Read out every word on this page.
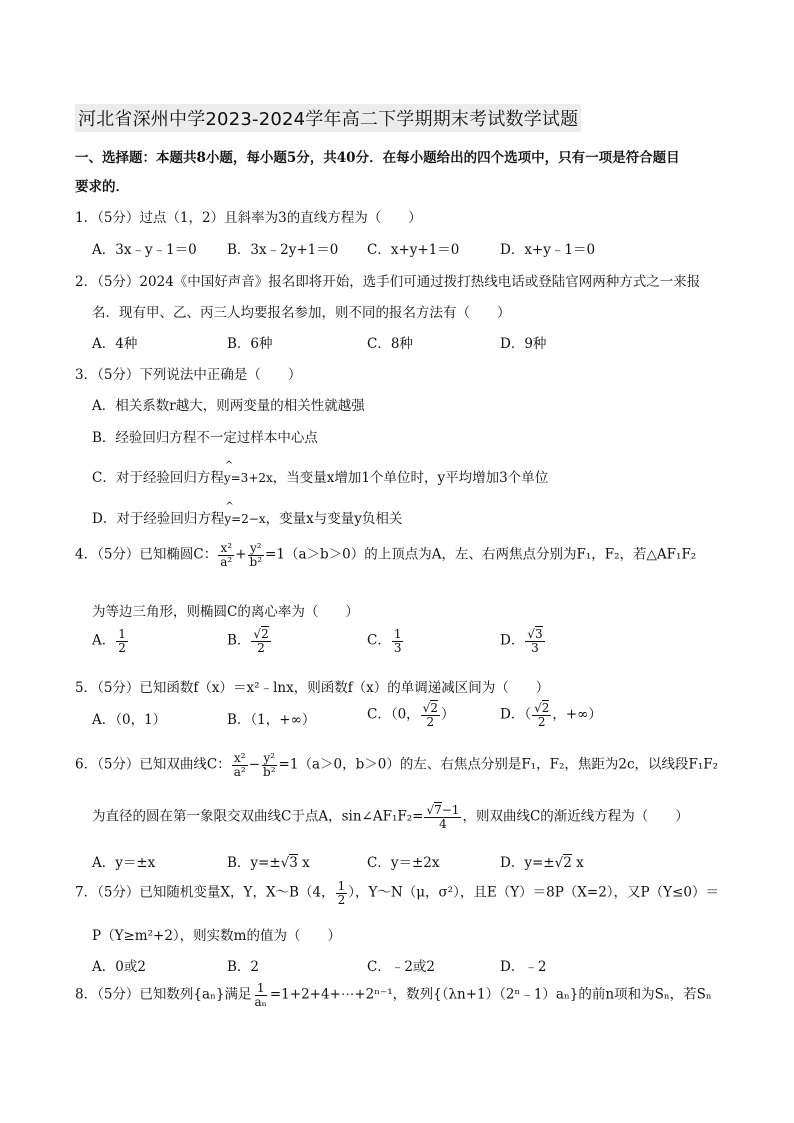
河北省深州中学2023-2024学年高二下学期期末考试数学试题
一、选择题：本题共8小题，每小题5分，共40分．在每小题给出的四个选项中，只有一项是符合题目
要求的．
1．（5分）过点（1，2）且斜率为3的直线方程为（　　）
A．3x﹣y﹣1＝0 B．3x﹣2y+1＝0 C．x+y+1＝0	D．x+y﹣1＝0
2．（5分）2024《中国好声音》报名即将开始，选手们可通过拨打热线电话或登陆官网两种方式之一来报
名．现有甲、乙、丙三人均要报名参加，则不同的报名方法有（　　）
A．4种	B．6种	C．8种	D．9种
3．（5分）下列说法中正确是（　　）
A．相关系数r越大，则两变量的相关性就越强
B．经验回归方程不一定过样本中心点
C．对于经验回归方程^ y=3+2x，当变量x增加1个单位时，y平均增加3个单位
D．对于经验回归方程^ y=2−x，变量x与变量y负相关
4．（5分）已知椭圆C： $\frac{\text{x²}}{\text{a²}} + \frac{\text{y²}}{\text{b²}} =1(a>b>0)$的上顶点为A，左、右两焦点分别为F₁，F₂，若△AF₁F₂
为等边三角形，则椭圆C的离心率为（　　）
A． $\frac{1}{2}$	B． $\frac{√2}{2}$	C． $\frac{1}{3}$	D． $\frac{√3}{3}$
5．（5分）已知函数f（x）＝x²﹣lnx，则函数f（x）的单调递减区间为（　　）
A．（0，1）	B．（1，+∞）	C．（0， $\frac{√2}{2}$ ）	D．（ $\frac{√2}{2}$ ，+∞）
6．（5分）已知双曲线C： $\frac{\text{x²}}{\text{a²}} - \frac{\text{y²}}{\text{b²}} =1(a>0$，b＞0）的左、右焦点分别是F₁，F₂，焦距为2c，以线段F₁F₂
为直径的圆在第一象限交双曲线C于点A，sin∠AF₁F₂= $\frac{√7-1}{4}$ ，则双曲线C的渐近线方程为（　　）
A．y＝±x	B．y=±√3 x	C．y＝±2x	D．y=±√2 x
7．（5分）已知随机变量X，Y，X～B（4， $\frac{1}{2}$ ），Y～N（μ，σ²），且E（Y）＝8P（X=2），又P（Y≤0）＝
P（Y≥m²+2），则实数m的值为（　　）
A．0或2	B．2	C．﹣2或2	D．﹣2
8．（5分）已知数列{aₙ}满足 $\frac{1}{\text{aₙ}}$ =1+2+4+⋯+2ⁿ⁻¹，数列{（λn+1）（2ⁿ﹣1）aₙ}的前n项和为Sₙ，若Sₙ
